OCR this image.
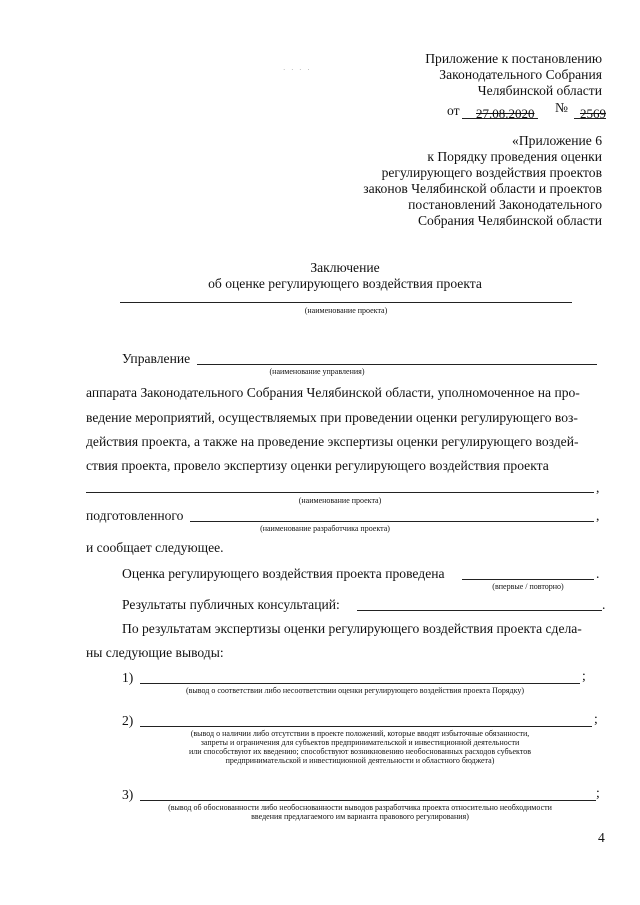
· · · ·
Приложение к постановлению
Законодательного Собрания
Челябинской области
от 27.08.2020 № 2569
«Приложение 6
к Порядку проведения оценки
регулирующего воздействия проектов
законов Челябинской области и проектов
постановлений Законодательного
Собрания Челябинской области
Заключение
об оценке регулирующего воздействия проекта
(наименование проекта)
Управление
(наименование управления)
аппарата Законодательного Собрания Челябинской области, уполномоченное на про-
ведение мероприятий, осуществляемых при проведении оценки регулирующего воз-
действия проекта, а также на проведение экспертизы оценки регулирующего воздей-
ствия проекта, провело экспертизу оценки регулирующего воздействия проекта
,
(наименование проекта)
подготовленного	,
(наименование разработчика проекта)
и сообщает следующее.
Оценка регулирующего воздействия проекта проведена	.
(впервые / повторно)
Результаты публичных консультаций:	.
По результатам экспертизы оценки регулирующего воздействия проекта сдела-
ны следующие выводы:
1)	;
(вывод о соответствии либо несоответствии оценки регулирующего воздействия проекта Порядку)
2)	;
(вывод о наличии либо отсутствии в проекте положений, которые вводят избыточные обязанности,
запреты и ограничения для субъектов предпринимательской и инвестиционной деятельности
или способствуют их введению; способствуют возникновению необоснованных расходов субъектов
предпринимательской и инвестиционной деятельности и областного бюджета)
3)	;
(вывод об обоснованности либо необоснованности выводов разработчика проекта относительно необходимости
введения предлагаемого им варианта правового регулирования)
4
